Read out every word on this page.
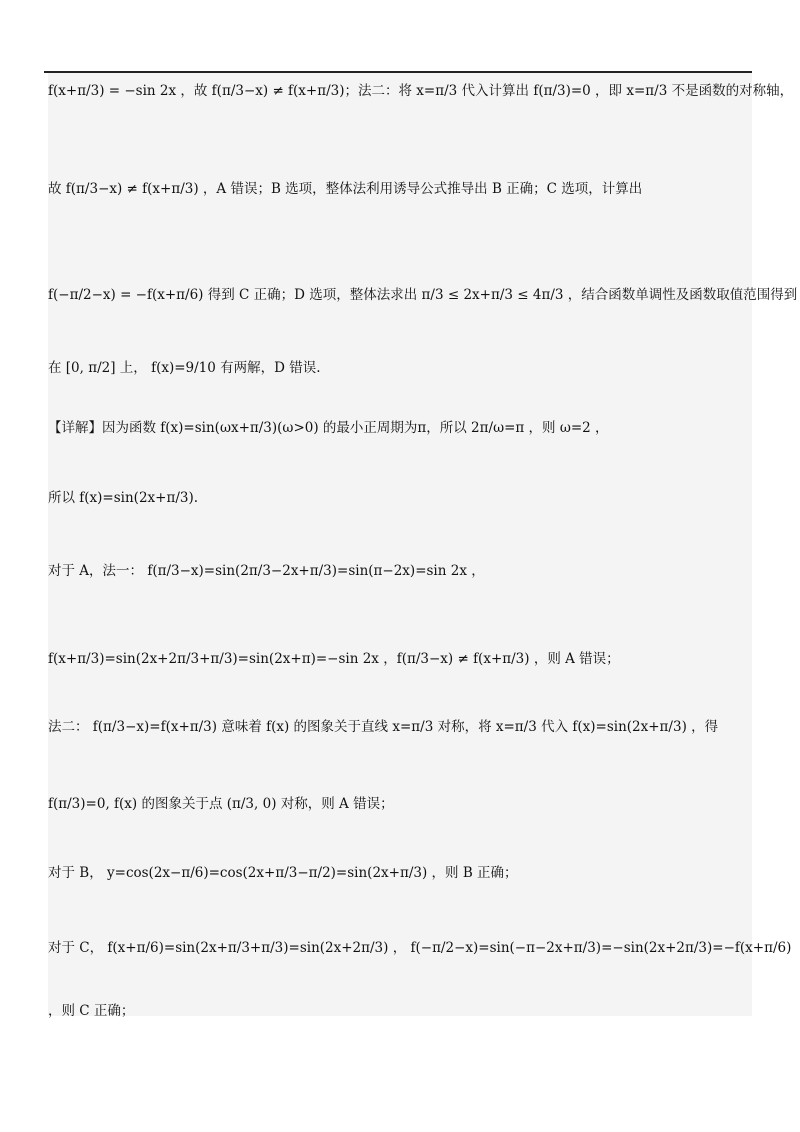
f(x+π/3) = −sin 2x ，故 f(π/3−x) ≠ f(x+π/3)；法二：将 x=π/3 代入计算出 f(π/3)=0 ，即 x=π/3 不是函数的对称轴，
故 f(π/3−x) ≠ f(x+π/3) ，A 错误；B 选项，整体法利用诱导公式推导出 B 正确；C 选项，计算出
f(−π/2−x) = −f(x+π/6) 得到 C 正确；D 选项，整体法求出 π/3 ≤ 2x+π/3 ≤ 4π/3 ，结合函数单调性及函数取值范围得到
在 [0, π/2] 上， f(x)=9/10 有两解，D 错误.
【详解】因为函数 f(x)=sin(ωx+π/3)(ω>0) 的最小正周期为π，所以 2π/ω=π ，则 ω=2 ，
所以 f(x)=sin(2x+π/3).
对于 A，法一： f(π/3−x)=sin(2π/3−2x+π/3)=sin(π−2x)=sin 2x ，
f(x+π/3)=sin(2x+2π/3+π/3)=sin(2x+π)=−sin 2x ，f(π/3−x) ≠ f(x+π/3) ，则 A 错误；
法二： f(π/3−x)=f(x+π/3) 意味着 f(x) 的图象关于直线 x=π/3 对称，将 x=π/3 代入 f(x)=sin(2x+π/3) ，得
f(π/3)=0, f(x) 的图象关于点 (π/3, 0) 对称，则 A 错误；
对于 B， y=cos(2x−π/6)=cos(2x+π/3−π/2)=sin(2x+π/3) ，则 B 正确；
对于 C， f(x+π/6)=sin(2x+π/3+π/3)=sin(2x+2π/3) ， f(−π/2−x)=sin(−π−2x+π/3)=−sin(2x+2π/3)=−f(x+π/6)
，则 C 正确；
